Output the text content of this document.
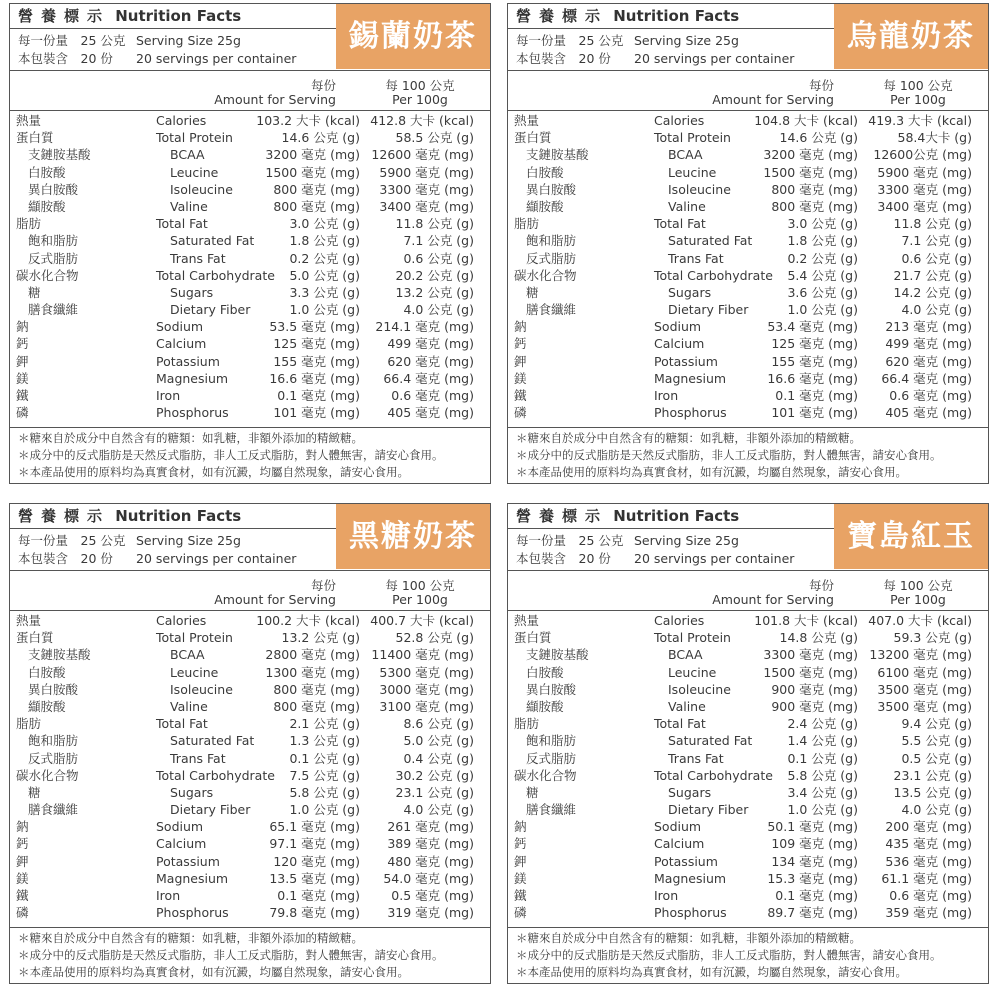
營養標示 Nutrition Facts
錫蘭奶茶
每一份量　25 公克 Serving Size 25g
本包裝含　20 份 20 servings per container
每份
Amount for Serving
每 100 公克
Per 100g
熱量	Calories	103.2 大卡 (kcal) 412.8 大卡 (kcal)
蛋白質	Total Protein	14.6 公克 (g)	58.5 公克 (g)
支鏈胺基酸	BCAA	3200 毫克 (mg) 12600 毫克 (mg)
白胺酸	Leucine	1500 毫克 (mg) 5900 毫克 (mg)
異白胺酸	Isoleucine	800 毫克 (mg) 3300 毫克 (mg)
纈胺酸	Valine	800 毫克 (mg) 3400 毫克 (mg)
脂肪	Total Fat	3.0 公克 (g)	11.8 公克 (g)
飽和脂肪	Saturated Fat	1.8 公克 (g)	7.1 公克 (g)
反式脂肪	Trans Fat	0.2 公克 (g)	0.6 公克 (g)
碳水化合物	Total Carbohydrate 5.0 公克 (g)	20.2 公克 (g)
糖	Sugars	3.3 公克 (g)	13.2 公克 (g)
膳食纖維	Dietary Fiber	1.0 公克 (g)	4.0 公克 (g)
鈉	Sodium	53.5 毫克 (mg) 214.1 毫克 (mg)
鈣	Calcium	125 毫克 (mg) 499 毫克 (mg)
鉀	Potassium	155 毫克 (mg) 620 毫克 (mg)
鎂	Magnesium	16.6 毫克 (mg) 66.4 毫克 (mg)
鐵	Iron	0.1 毫克 (mg)	0.6 毫克 (mg)
磷	Phosphorus	101 毫克 (mg) 405 毫克 (mg)
＊糖來自於成分中自然含有的糖類：如乳糖，非額外添加的精緻糖。
＊成分中的反式脂肪是天然反式脂肪，非人工反式脂肪，對人體無害，請安心食用。
＊本產品使用的原料均為真實食材，如有沉澱，均屬自然現象，請安心食用。
營養標示 Nutrition Facts
烏龍奶茶
每一份量　25 公克 Serving Size 25g
本包裝含　20 份 20 servings per container
每份
Amount for Serving
每 100 公克
Per 100g
熱量	Calories	104.8 大卡 (kcal) 419.3 大卡 (kcal)
蛋白質	Total Protein	14.6 公克 (g)	58.4大卡 (g)
支鏈胺基酸	BCAA	3200 毫克 (mg) 12600公克 (mg)
白胺酸	Leucine	1500 毫克 (mg) 5900 毫克 (mg)
異白胺酸	Isoleucine	800 毫克 (mg) 3300 毫克 (mg)
纈胺酸	Valine	800 毫克 (mg) 3400 毫克 (mg)
脂肪	Total Fat	3.0 公克 (g)	11.8 公克 (g)
飽和脂肪	Saturated Fat	1.8 公克 (g)	7.1 公克 (g)
反式脂肪	Trans Fat	0.2 公克 (g)	0.6 公克 (g)
碳水化合物	Total Carbohydrate 5.4 公克 (g)	21.7 公克 (g)
糖	Sugars	3.6 公克 (g)	14.2 公克 (g)
膳食纖維	Dietary Fiber	1.0 公克 (g)	4.0 公克 (g)
鈉	Sodium	53.4 毫克 (mg) 213 毫克 (mg)
鈣	Calcium	125 毫克 (mg) 499 毫克 (mg)
鉀	Potassium	155 毫克 (mg) 620 毫克 (mg)
鎂	Magnesium	16.6 毫克 (mg) 66.4 毫克 (mg)
鐵	Iron	0.1 毫克 (mg)	0.6 毫克 (mg)
磷	Phosphorus	101 毫克 (mg) 405 毫克 (mg)
＊糖來自於成分中自然含有的糖類：如乳糖，非額外添加的精緻糖。
＊成分中的反式脂肪是天然反式脂肪，非人工反式脂肪，對人體無害，請安心食用。
＊本產品使用的原料均為真實食材，如有沉澱，均屬自然現象，請安心食用。
營養標示 Nutrition Facts
黑糖奶茶
每一份量　25 公克 Serving Size 25g
本包裝含　20 份 20 servings per container
每份
Amount for Serving
每 100 公克
Per 100g
熱量	Calories	100.2 大卡 (kcal) 400.7 大卡 (kcal)
蛋白質	Total Protein	13.2 公克 (g)	52.8 公克 (g)
支鏈胺基酸	BCAA	2800 毫克 (mg) 11400 毫克 (mg)
白胺酸	Leucine	1300 毫克 (mg) 5300 毫克 (mg)
異白胺酸	Isoleucine	800 毫克 (mg) 3000 毫克 (mg)
纈胺酸	Valine	800 毫克 (mg) 3100 毫克 (mg)
脂肪	Total Fat	2.1 公克 (g)	8.6 公克 (g)
飽和脂肪	Saturated Fat	1.3 公克 (g)	5.0 公克 (g)
反式脂肪	Trans Fat	0.1 公克 (g)	0.4 公克 (g)
碳水化合物	Total Carbohydrate 7.5 公克 (g)	30.2 公克 (g)
糖	Sugars	5.8 公克 (g)	23.1 公克 (g)
膳食纖維	Dietary Fiber	1.0 公克 (g)	4.0 公克 (g)
鈉	Sodium	65.1 毫克 (mg) 261 毫克 (mg)
鈣	Calcium	97.1 毫克 (mg) 389 毫克 (mg)
鉀	Potassium	120 毫克 (mg) 480 毫克 (mg)
鎂	Magnesium	13.5 毫克 (mg) 54.0 毫克 (mg)
鐵	Iron	0.1 毫克 (mg)	0.5 毫克 (mg)
磷	Phosphorus	79.8 毫克 (mg) 319 毫克 (mg)
＊糖來自於成分中自然含有的糖類：如乳糖，非額外添加的精緻糖。
＊成分中的反式脂肪是天然反式脂肪，非人工反式脂肪，對人體無害，請安心食用。
＊本產品使用的原料均為真實食材，如有沉澱，均屬自然現象，請安心食用。
營養標示 Nutrition Facts
寶島紅玉
每一份量　25 公克 Serving Size 25g
本包裝含　20 份 20 servings per container
每份
Amount for Serving
每 100 公克
Per 100g
熱量	Calories	101.8 大卡 (kcal) 407.0 大卡 (kcal)
蛋白質	Total Protein	14.8 公克 (g)	59.3 公克 (g)
支鏈胺基酸	BCAA	3300 毫克 (mg) 13200 毫克 (mg)
白胺酸	Leucine	1500 毫克 (mg) 6100 毫克 (mg)
異白胺酸	Isoleucine	900 毫克 (mg) 3500 毫克 (mg)
纈胺酸	Valine	900 毫克 (mg) 3500 毫克 (mg)
脂肪	Total Fat	2.4 公克 (g)	9.4 公克 (g)
飽和脂肪	Saturated Fat	1.4 公克 (g)	5.5 公克 (g)
反式脂肪	Trans Fat	0.1 公克 (g)	0.5 公克 (g)
碳水化合物	Total Carbohydrate 5.8 公克 (g)	23.1 公克 (g)
糖	Sugars	3.4 公克 (g)	13.5 公克 (g)
膳食纖維	Dietary Fiber	1.0 公克 (g)	4.0 公克 (g)
鈉	Sodium	50.1 毫克 (mg) 200 毫克 (mg)
鈣	Calcium	109 毫克 (mg) 435 毫克 (mg)
鉀	Potassium	134 毫克 (mg) 536 毫克 (mg)
鎂	Magnesium	15.3 毫克 (mg) 61.1 毫克 (mg)
鐵	Iron	0.1 毫克 (mg)	0.6 毫克 (mg)
磷	Phosphorus	89.7 毫克 (mg) 359 毫克 (mg)
＊糖來自於成分中自然含有的糖類：如乳糖，非額外添加的精緻糖。
＊成分中的反式脂肪是天然反式脂肪，非人工反式脂肪，對人體無害，請安心食用。
＊本產品使用的原料均為真實食材，如有沉澱，均屬自然現象，請安心食用。
